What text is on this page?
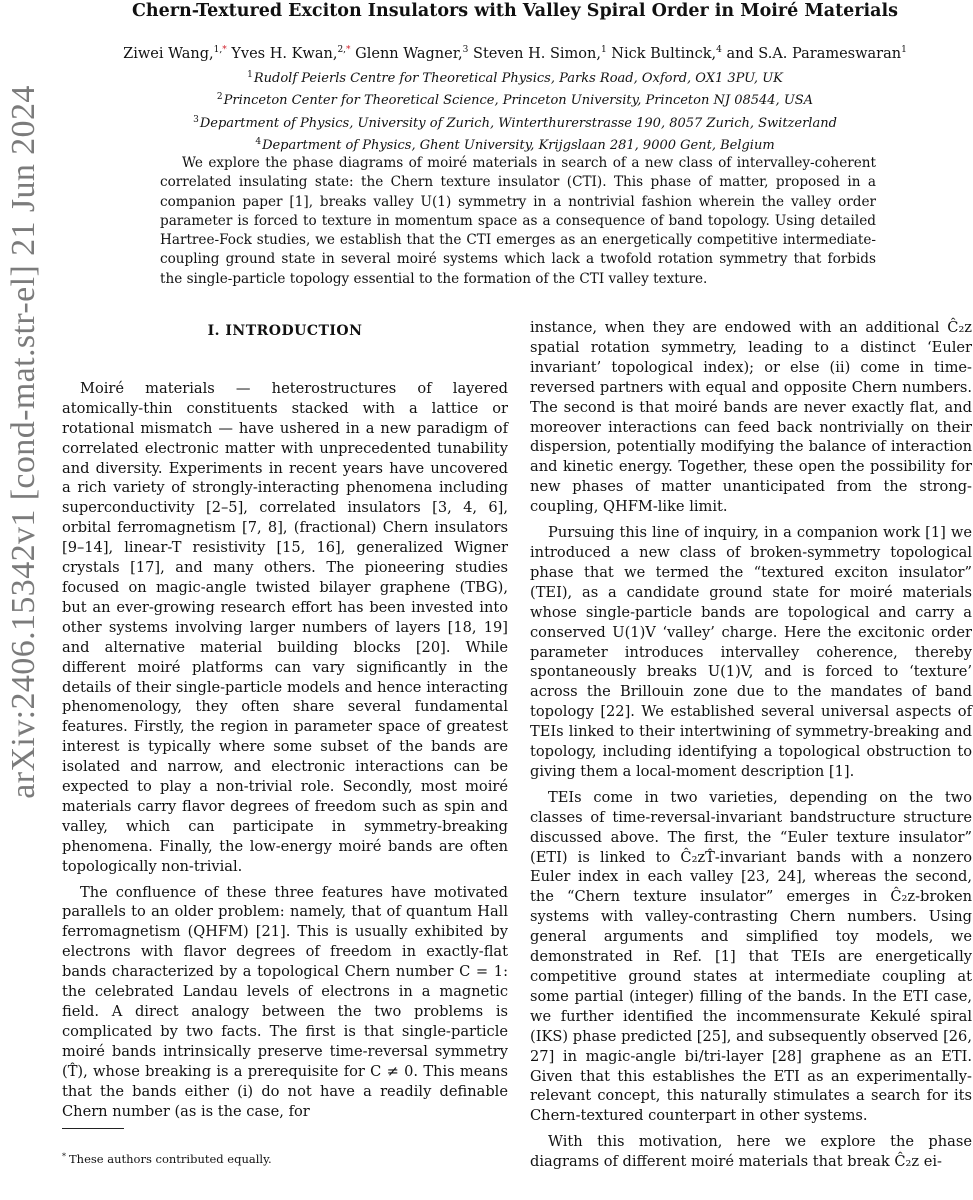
arXiv:2406.15342v1 [cond-mat.str-el] 21 Jun 2024
Chern-Textured Exciton Insulators with Valley Spiral Order in Moiré Materials
Ziwei Wang,$^{1,*}$ Yves H. Kwan,$^{2,*}$ Glenn Wagner,$^3$ Steven H. Simon,$^1$ Nick Bultinck,$^4$ and S.A. Parameswaran$^1$
$^1$Rudolf Peierls Centre for Theoretical Physics, Parks Road, Oxford, OX1 3PU, UK
$^2$Princeton Center for Theoretical Science, Princeton University, Princeton NJ 08544, USA
$^3$Department of Physics, University of Zurich, Winterthurerstrasse 190, 8057 Zurich, Switzerland
$^4$Department of Physics, Ghent University, Krijgslaan 281, 9000 Gent, Belgium
We explore the phase diagrams of moiré materials in search of a new class of intervalley-coherent correlated insulating state: the Chern texture insulator (CTI). This phase of matter, proposed in a companion paper [1], breaks valley U(1) symmetry in a nontrivial fashion wherein the valley order parameter is forced to texture in momentum space as a consequence of band topology. Using detailed Hartree-Fock studies, we establish that the CTI emerges as an energetically competitive intermediate-coupling ground state in several moiré systems which lack a twofold rotation symmetry that forbids the single-particle topology essential to the formation of the CTI valley texture.
I. INTRODUCTION

Moiré materials — heterostructures of layered atomically-thin constituents stacked with a lattice or rotational mismatch — have ushered in a new paradigm of correlated electronic matter with unprecedented tunability and diversity. Experiments in recent years have uncovered a rich variety of strongly-interacting phenomena including superconductivity [2–5], correlated insulators [3, 4, 6], orbital ferromagnetism [7, 8], (fractional) Chern insulators [9–14], linear-T resistivity [15, 16], generalized Wigner crystals [17], and many others. The pioneering studies focused on magic-angle twisted bilayer graphene (TBG), but an ever-growing research effort has been invested into other systems involving larger numbers of layers [18, 19] and alternative material building blocks [20]. While different moiré platforms can vary significantly in the details of their single-particle models and hence interacting phenomenology, they often share several fundamental features. Firstly, the region in parameter space of greatest interest is typically where some subset of the bands are isolated and narrow, and electronic interactions can be expected to play a non-trivial role. Secondly, most moiré materials carry flavor degrees of freedom such as spin and valley, which can participate in symmetry-breaking phenomena. Finally, the low-energy moiré bands are often topologically non-trivial.

The confluence of these three features have motivated parallels to an older problem: namely, that of quantum Hall ferromagnetism (QHFM) [21]. This is usually exhibited by electrons with flavor degrees of freedom in exactly-flat bands characterized by a topological Chern number C = 1: the celebrated Landau levels of electrons in a magnetic field. A direct analogy between the two problems is complicated by two facts. The first is that single-particle moiré bands intrinsically preserve time-reversal symmetry (T̂), whose breaking is a prerequisite for C ≠ 0. This means that the bands either (i) do not have a readily definable Chern number (as is the case, for

instance, when they are endowed with an additional Ĉ₂z spatial rotation symmetry, leading to a distinct ‘Euler invariant’ topological index); or else (ii) come in time-reversed partners with equal and opposite Chern numbers. The second is that moiré bands are never exactly flat, and moreover interactions can feed back nontrivially on their dispersion, potentially modifying the balance of interaction and kinetic energy. Together, these open the possibility for new phases of matter unanticipated from the strong-coupling, QHFM-like limit.

Pursuing this line of inquiry, in a companion work [1] we introduced a new class of broken-symmetry topological phase that we termed the “textured exciton insulator” (TEI), as a candidate ground state for moiré materials whose single-particle bands are topological and carry a conserved U(1)V ‘valley’ charge. Here the excitonic order parameter introduces intervalley coherence, thereby spontaneously breaks U(1)V, and is forced to ‘texture’ across the Brillouin zone due to the mandates of band topology [22]. We established several universal aspects of TEIs linked to their intertwining of symmetry-breaking and topology, including identifying a topological obstruction to giving them a local-moment description [1].

TEIs come in two varieties, depending on the two classes of time-reversal-invariant bandstructure structure discussed above. The first, the “Euler texture insulator” (ETI) is linked to Ĉ₂zT̂-invariant bands with a nonzero Euler index in each valley [23, 24], whereas the second, the “Chern texture insulator” emerges in Ĉ₂z-broken systems with valley-contrasting Chern numbers. Using general arguments and simplified toy models, we demonstrated in Ref. [1] that TEIs are energetically competitive ground states at intermediate coupling at some partial (integer) filling of the bands. In the ETI case, we further identified the incommensurate Kekulé spiral (IKS) phase predicted [25], and subsequently observed [26, 27] in magic-angle bi/tri-layer [28] graphene as an ETI. Given that this establishes the ETI as an experimentally-relevant concept, this naturally stimulates a search for its Chern-textured counterpart in other systems.

With this motivation, here we explore the phase diagrams of different moiré materials that break Ĉ₂z ei-

* These authors contributed equally.
